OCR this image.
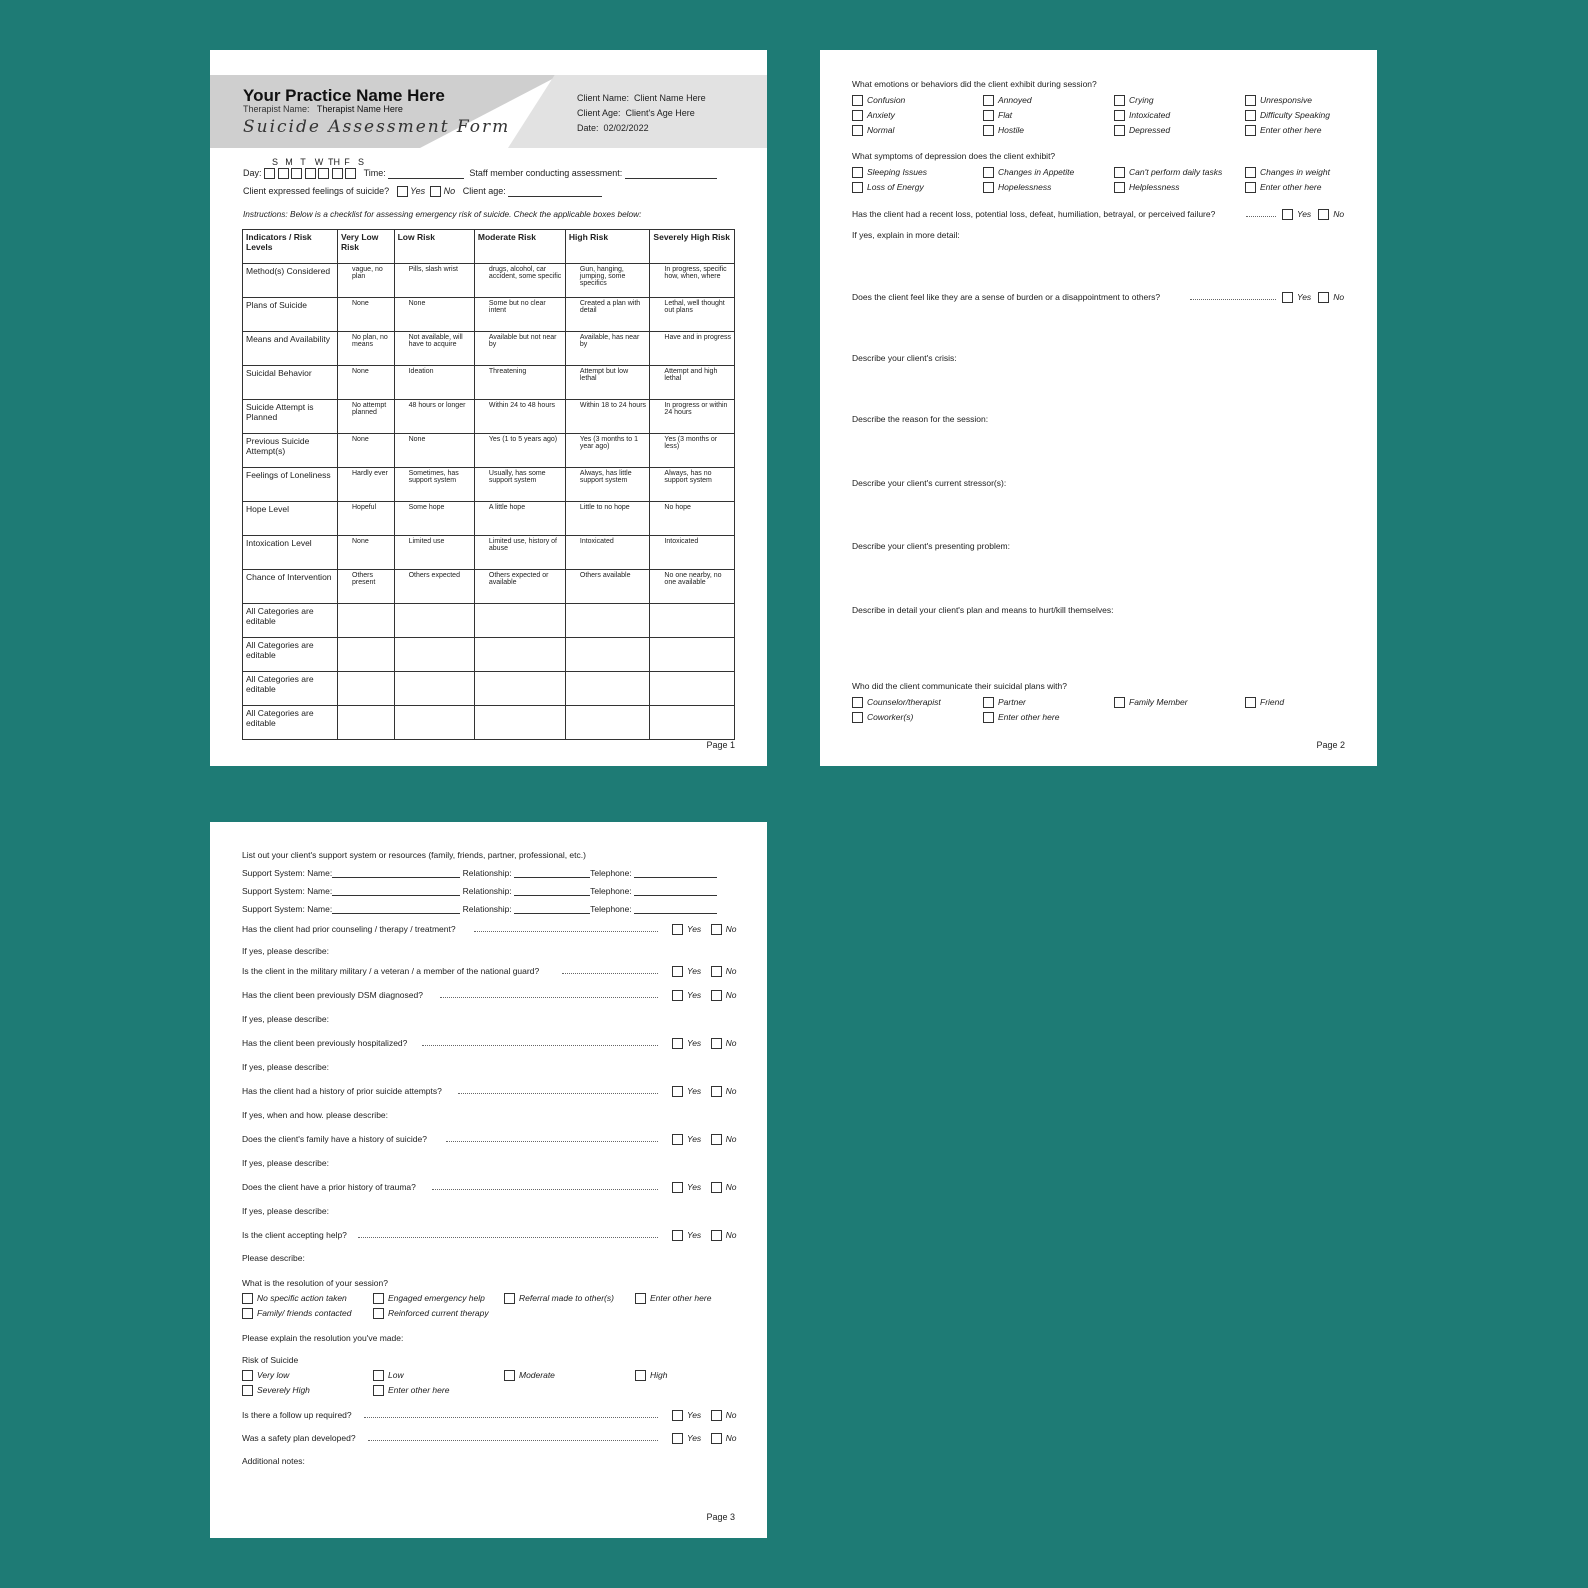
Your Practice Name Here
Therapist Name: Therapist Name Here
Suicide Assessment Form
Client Name: Client Name Here
Client Age: Client's Age Here
Date: 02/02/2022
S M T W TH F S
Day:	Time:	Staff member conducting assessment:
Client expressed feelings of suicide? Yes No Client age:
Instructions: Below is a checklist for assessing emergency risk of suicide. Check the applicable boxes below:
Indicators / Risk Levels	Very Low Risk	Low Risk	Moderate Risk	High Risk	Severely High Risk
Method(s) Considered	vague, no plan	Pills, slash wrist	drugs, alcohol, car accident, some specific	Gun, hanging, jumping, some specifics	In progress, specific how, when, where
Plans of Suicide	None	None	Some but no clear intent	Created a plan with detail	Lethal, well thought out plans
Means and Availability	No plan, no means	Not available, will have to acquire	Available but not near by	Available, has near by	Have and in progress
Suicidal Behavior	None	Ideation	Threatening	Attempt but low lethal	Attempt and high lethal
Suicide Attempt is Planned	No attempt planned	48 hours or longer	Within 24 to 48 hours	Within 18 to 24 hours	In progress or within 24 hours
Previous Suicide Attempt(s)	None	None	Yes (1 to 5 years ago)	Yes (3 months to 1 year ago)	Yes (3 months or less)
Feelings of Loneliness	Hardly ever	Sometimes, has support system	Usually, has some support system	Always, has little support system	Always, has no support system
Hope Level	Hopeful	Some hope	A little hope	Little to no hope	No hope
Intoxication Level	None	Limited use	Limited use, history of abuse	Intoxicated	Intoxicated
Chance of Intervention	Others present	Others expected	Others expected or available	Others available	No one nearby, no one available
All Categories are editable					
All Categories are editable					
All Categories are editable					
All Categories are editable					
Page 1
What emotions or behaviors did the client exhibit during session?
Confusion	Annoyed	Crying	Unresponsive
Anxiety	Flat	Intoxicated	Difficulty Speaking
Normal	Hostile	Depressed	Enter other here
What symptoms of depression does the client exhibit?
Sleeping Issues	Changes in Appetite	Can't perform daily tasks	Changes in weight
Loss of Energy	Hopelessness	Helplessness	Enter other here
Has the client had a recent loss, potential loss, defeat, humiliation, betrayal, or perceived failure?	Yes	No
If yes, explain in more detail:
Does the client feel like they are a sense of burden or a disappointment to others?	Yes	No
Describe your client's crisis:
Describe the reason for the session:
Describe your client's current stressor(s):
Describe your client's presenting problem:
Describe in detail your client's plan and means to hurt/kill themselves:
Who did the client communicate their suicidal plans with?
Counselor/therapist	Partner	Family Member	Friend
Coworker(s)	Enter other here
Page 2
List out your client's support system or resources (family, friends, partner, professional, etc.)
Support System: Name:	Relationship:	Telephone:
Support System: Name:	Relationship:	Telephone:
Support System: Name:	Relationship:	Telephone:
Has the client had prior counseling / therapy / treatment?	Yes	No
If yes, please describe:
Is the client in the military military / a veteran / a member of the national guard?	Yes	No
Has the client been previously DSM diagnosed?	Yes	No
If yes, please describe:
Has the client been previously hospitalized?	Yes	No
If yes, please describe:
Has the client had a history of prior suicide attempts?	Yes	No
If yes, when and how. please describe:
Does the client's family have a history of suicide?	Yes	No
If yes, please describe:
Does the client have a prior history of trauma?	Yes	No
If yes, please describe:
Is the client accepting help?	Yes	No
Please describe:
What is the resolution of your session?
No specific action taken	Engaged emergency help	Referral made to other(s)	Enter other here
Family/ friends contacted	Reinforced current therapy
Please explain the resolution you've made:
Risk of Suicide
Very low	Low	Moderate	High
Severely High	Enter other here
Is there a follow up required?	Yes	No
Was a safety plan developed?	Yes	No
Additional notes:
Page 3
